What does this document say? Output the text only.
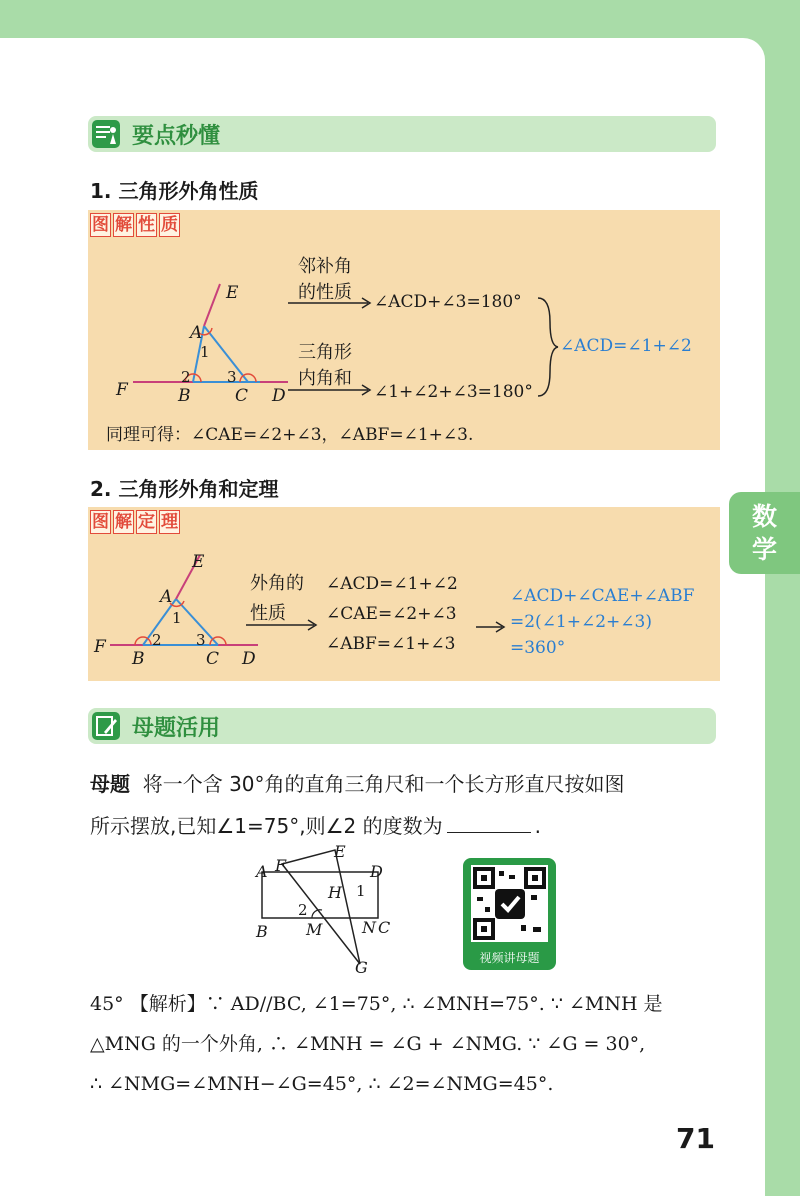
数
学
要点秒懂
1. 三角形外角性质
图 解 性 质
E
A
1
2 3
F	B	C D
邻补角
的性质 ∠ACD+∠3=180°
三角形
内角和
∠1+∠2+∠3=180°
∠ACD=∠1+∠2
同理可得：∠CAE=∠2+∠3，∠ABF=∠1+∠3.
2. 三角形外角和定理
图 解 定 理
E
A
1
2 3
F
B	C D
外角的
性质
∠ACD=∠1+∠2
∠CAE=∠2+∠3
∠ABF=∠1+∠3
∠ACD+∠CAE+∠ABF
=2(∠1+∠2+∠3)
=360°
母题活用
母题 将一个含 30°角的直角三角尺和一个长方形直尺按如图
所示摆放,已知∠1=75°,则∠2 的度数为	.
A F
E
D
H 1
2
B M N C
G	视频讲母题
45° 【解析】∵ AD//BC, ∠1=75°, ∴ ∠MNH=75°. ∵ ∠MNH 是
△MNG 的一个外角, ∴ ∠MNH = ∠G + ∠NMG. ∵ ∠G = 30°,
∴ ∠NMG=∠MNH−∠G=45°, ∴ ∠2=∠NMG=45°.
71
